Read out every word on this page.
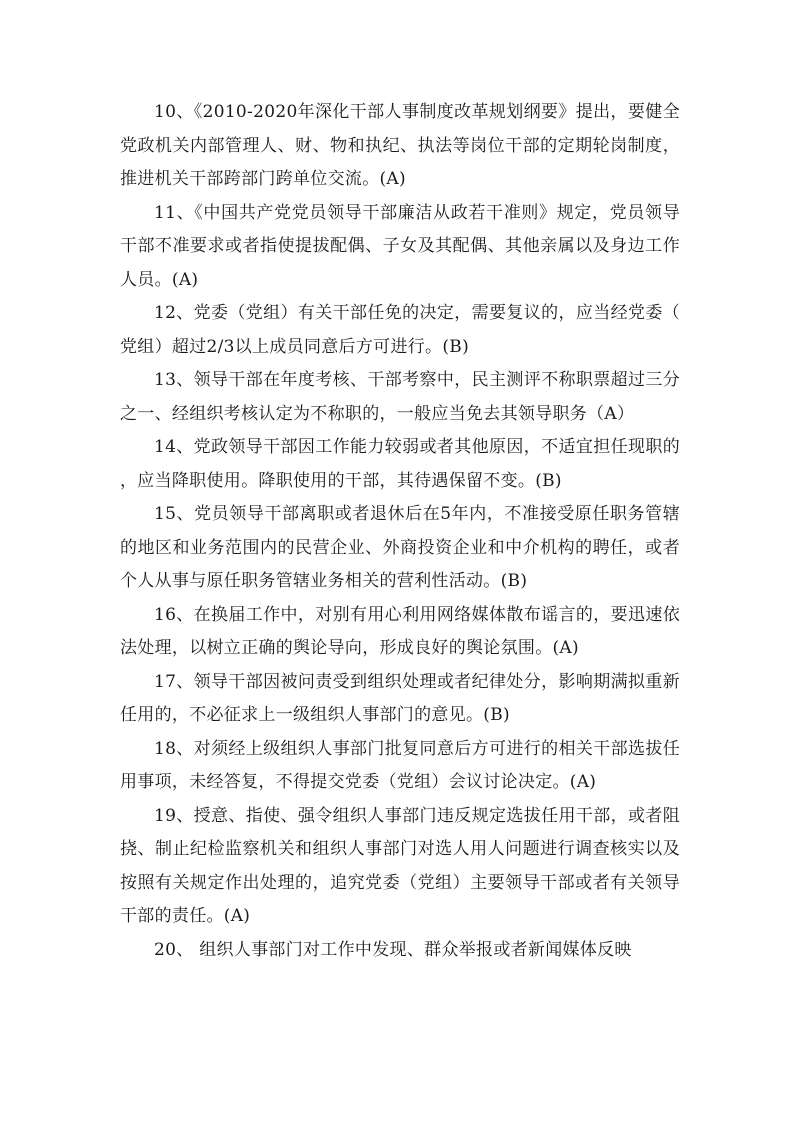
10、《2010-2020年深化干部人事制度改革规划纲要》提出，要健全党政机关内部管理人、财、物和执纪、执法等岗位干部的定期轮岗制度，推进机关干部跨部门跨单位交流。(A)

11、《中国共产党党员领导干部廉洁从政若干准则》规定，党员领导干部不准要求或者指使提拔配偶、子女及其配偶、其他亲属以及身边工作人员。(A)

12、党委（党组）有关干部任免的决定，需要复议的，应当经党委（党组）超过2/3以上成员同意后方可进行。(B)

13、领导干部在年度考核、干部考察中，民主测评不称职票超过三分之一、经组织考核认定为不称职的，一般应当免去其领导职务（A）

14、党政领导干部因工作能力较弱或者其他原因，不适宜担任现职的，应当降职使用。降职使用的干部，其待遇保留不变。(B)

15、党员领导干部离职或者退休后在5年内，不准接受原任职务管辖的地区和业务范围内的民营企业、外商投资企业和中介机构的聘任，或者个人从事与原任职务管辖业务相关的营利性活动。(B)

16、在换届工作中，对别有用心利用网络媒体散布谣言的，要迅速依法处理，以树立正确的舆论导向，形成良好的舆论氛围。(A)

17、领导干部因被问责受到组织处理或者纪律处分，影响期满拟重新任用的，不必征求上一级组织人事部门的意见。(B)

18、对须经上级组织人事部门批复同意后方可进行的相关干部选拔任用事项，未经答复，不得提交党委（党组）会议讨论决定。(A)

19、授意、指使、强令组织人事部门违反规定选拔任用干部，或者阻挠、制止纪检监察机关和组织人事部门对选人用人问题进行调查核实以及按照有关规定作出处理的，追究党委（党组）主要领导干部或者有关领导干部的责任。(A)

20、 组织人事部门对工作中发现、群众举报或者新闻媒体反映
